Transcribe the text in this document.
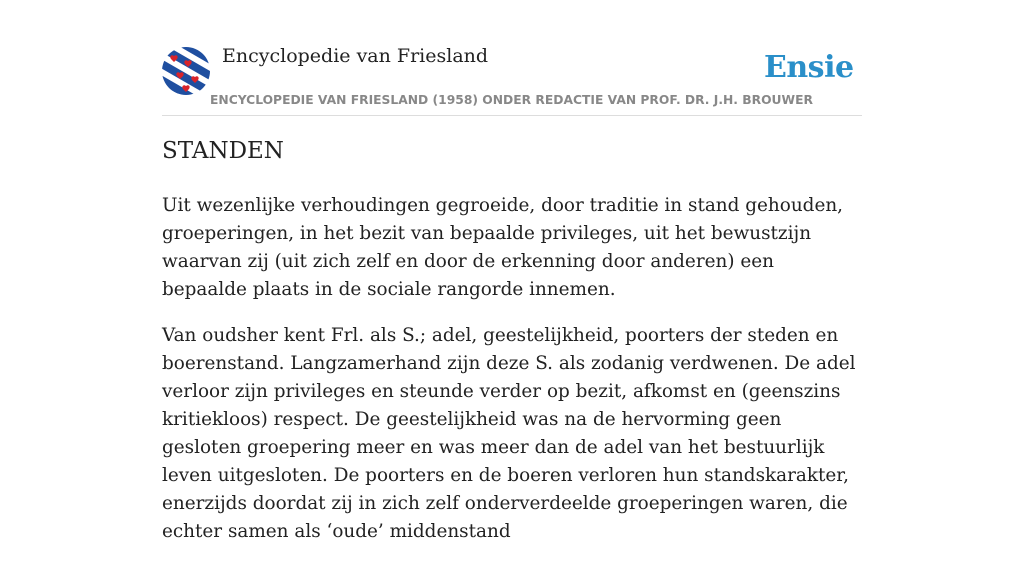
Encyclopedie van Friesland	Ensie
ENCYCLOPEDIE VAN FRIESLAND (1958) ONDER REDACTIE VAN PROF. DR. J.H. BROUWER
STANDEN

Uit wezenlijke verhoudingen gegroeide, door traditie in stand gehouden, groeperingen, in het bezit van bepaalde privileges, uit het bewustzijn waarvan zij (uit zich zelf en door de erkenning door anderen) een bepaalde plaats in de sociale rangorde innemen.

Van oudsher kent Frl. als S.; adel, geestelijkheid, poorters der steden en boerenstand. Langzamerhand zijn deze S. als zodanig verdwenen. De adel verloor zijn privileges en steunde verder op bezit, afkomst en (geenszins kritiekloos) respect. De geestelijkheid was na de hervorming geen gesloten groepering meer en was meer dan de adel van het bestuurlijk leven uitgesloten. De poorters en de boeren verloren hun standskarakter, enerzijds doordat zij in zich zelf onderverdeelde groeperingen waren, die echter samen als ‘oude’ middenstand
